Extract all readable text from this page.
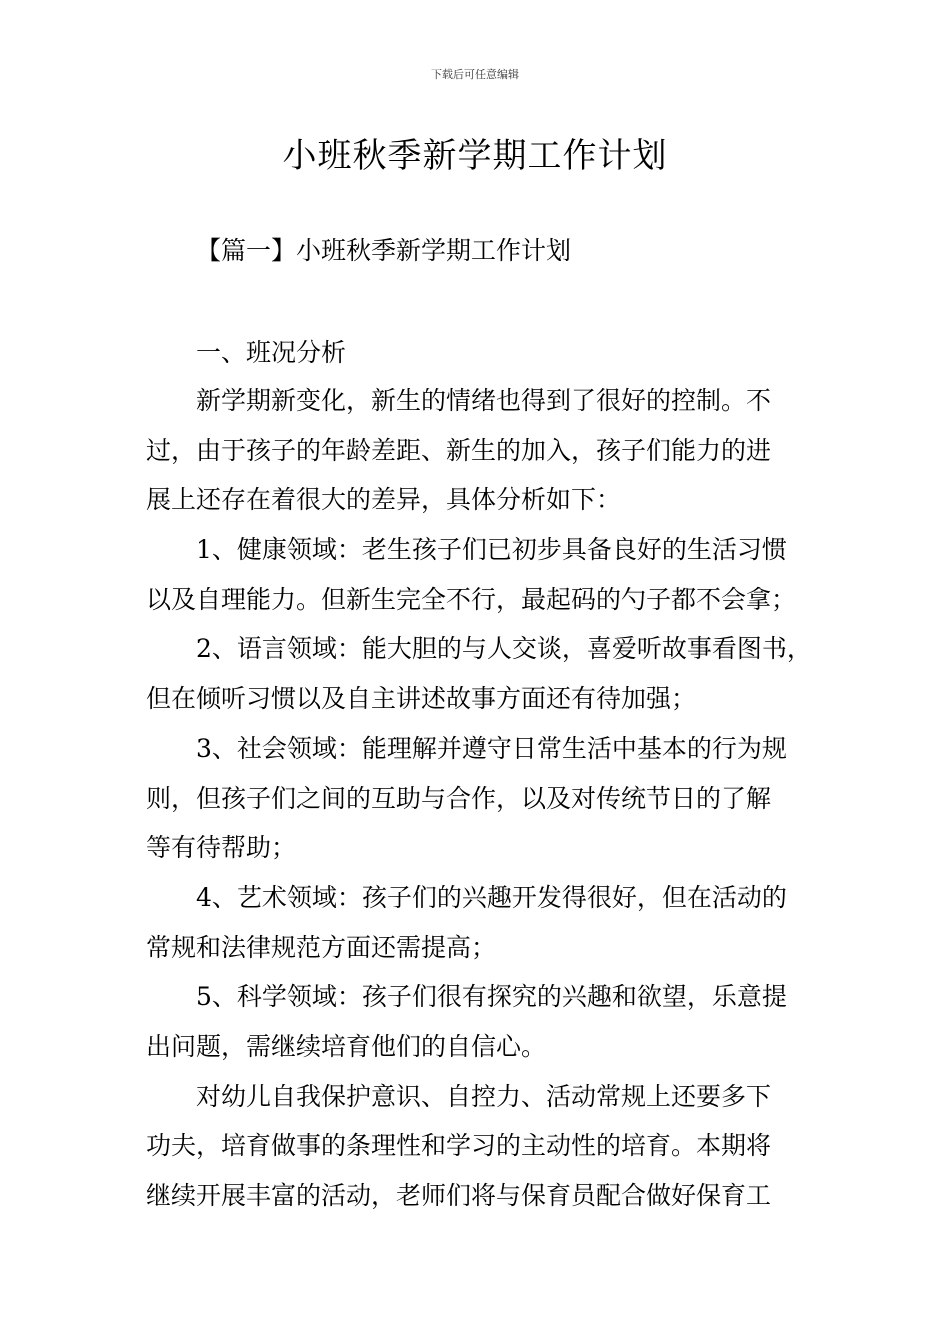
下载后可任意编辑
小班秋季新学期工作计划
【篇一】小班秋季新学期工作计划
一、班况分析
新学期新变化，新生的情绪也得到了很好的控制。不
过，由于孩子的年龄差距、新生的加入，孩子们能力的进
展上还存在着很大的差异，具体分析如下：
1、健康领域：老生孩子们已初步具备良好的生活习惯
以及自理能力。但新生完全不行，最起码的勺子都不会拿；
2、语言领域：能大胆的与人交谈，喜爱听故事看图书，
但在倾听习惯以及自主讲述故事方面还有待加强；
3、社会领域：能理解并遵守日常生活中基本的行为规
则，但孩子们之间的互助与合作，以及对传统节日的了解
等有待帮助；
4、艺术领域：孩子们的兴趣开发得很好，但在活动的
常规和法律规范方面还需提高；
5、科学领域：孩子们很有探究的兴趣和欲望，乐意提
出问题，需继续培育他们的自信心。
对幼儿自我保护意识、自控力、活动常规上还要多下
功夫，培育做事的条理性和学习的主动性的培育。本期将
继续开展丰富的活动，老师们将与保育员配合做好保育工
